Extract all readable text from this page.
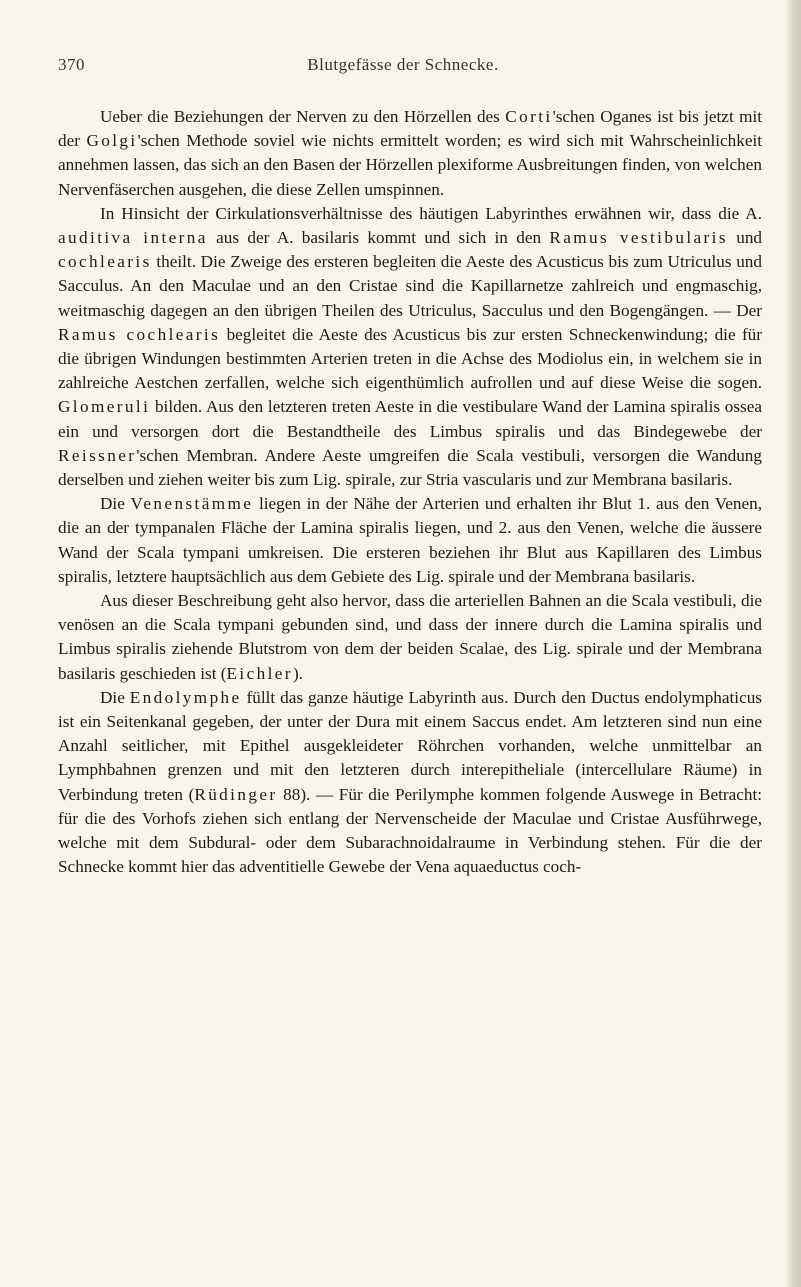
370	Blutgefässe der Schnecke.

Ueber die Beziehungen der Nerven zu den Hörzellen des Corti'schen Oganes ist bis jetzt mit der Golgi'schen Methode soviel wie nichts ermittelt worden; es wird sich mit Wahrscheinlichkeit annehmen lassen, das sich an den Basen der Hörzellen plexiforme Ausbreitungen finden, von welchen Nervenfäserchen ausgehen, die diese Zellen umspinnen.

In Hinsicht der Cirkulationsverhältnisse des häutigen Labyrinthes erwähnen wir, dass die A. auditiva interna aus der A. basilaris kommt und sich in den Ramus vestibularis und cochlearis theilt. Die Zweige des ersteren begleiten die Aeste des Acusticus bis zum Utriculus und Sacculus. An den Maculae und an den Cristae sind die Kapillarnetze zahlreich und engmaschig, weitmaschig dagegen an den übrigen Theilen des Utriculus, Sacculus und den Bogengängen. — Der Ramus cochlearis begleitet die Aeste des Acusticus bis zur ersten Schneckenwindung; die für die übrigen Windungen bestimmten Arterien treten in die Achse des Modiolus ein, in welchem sie in zahlreiche Aestchen zerfallen, welche sich eigenthümlich aufrollen und auf diese Weise die sogen. Glomeruli bilden. Aus den letzteren treten Aeste in die vestibulare Wand der Lamina spiralis ossea ein und versorgen dort die Bestandtheile des Limbus spiralis und das Bindegewebe der Reissner'schen Membran. Andere Aeste umgreifen die Scala vestibuli, versorgen die Wandung derselben und ziehen weiter bis zum Lig. spirale, zur Stria vascularis und zur Membrana basilaris.

Die Venenstämme liegen in der Nähe der Arterien und erhalten ihr Blut 1. aus den Venen, die an der tympanalen Fläche der Lamina spiralis liegen, und 2. aus den Venen, welche die äussere Wand der Scala tympani umkreisen. Die ersteren beziehen ihr Blut aus Kapillaren des Limbus spiralis, letztere hauptsächlich aus dem Gebiete des Lig. spirale und der Membrana basilaris.

Aus dieser Beschreibung geht also hervor, dass die arteriellen Bahnen an die Scala vestibuli, die venösen an die Scala tympani gebunden sind, und dass der innere durch die Lamina spiralis und Limbus spiralis ziehende Blutstrom von dem der beiden Scalae, des Lig. spirale und der Membrana basilaris geschieden ist (Eichler).

Die Endolymphe füllt das ganze häutige Labyrinth aus. Durch den Ductus endolymphaticus ist ein Seitenkanal gegeben, der unter der Dura mit einem Saccus endet. Am letzteren sind nun eine Anzahl seitlicher, mit Epithel ausgekleideter Röhrchen vorhanden, welche unmittelbar an Lymphbahnen grenzen und mit den letzteren durch interepitheliale (intercellulare Räume) in Verbindung treten (Rüdinger 88). — Für die Perilymphe kommen folgende Auswege in Betracht: für die des Vorhofs ziehen sich entlang der Nervenscheide der Maculae und Cristae Ausführwege, welche mit dem Subdural- oder dem Subarachnoidalraume in Verbindung stehen. Für die der Schnecke kommt hier das adventitielle Gewebe der Vena aquaeductus coch-
